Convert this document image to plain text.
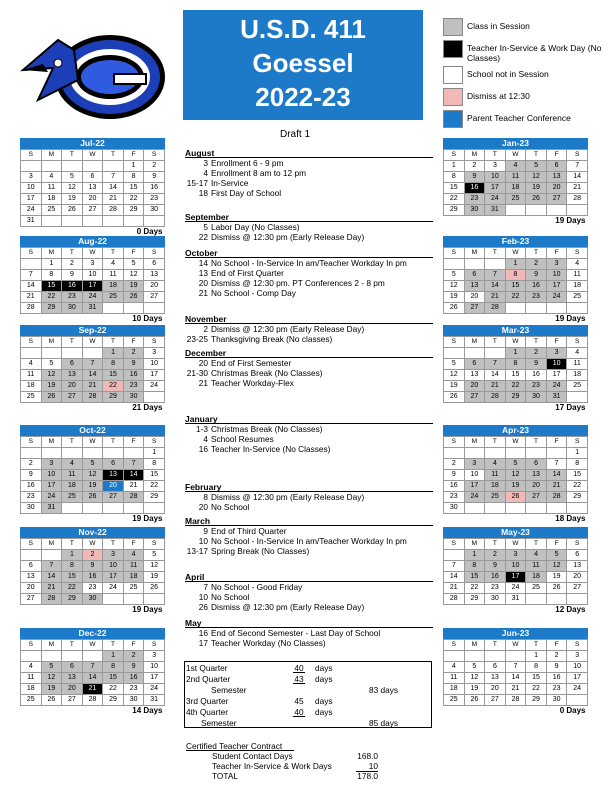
U.S.D. 411
Goessel
2022-23
Class in Session
Teacher In-Service & Work Day (No Classes)
School not in Session
Dismiss at 12:30
Parent Teacher Conference
Draft 1
Jul-22
S	M	T	W	T	F	S
					1	2
3	4	5	6	7	8	9
10	11	12	13	14	15	16
17	18	19	20	21	22	23
24	25	26	27	28	29	30
31						
0 Days						
Aug-22
S	M	T	W	T	F	S
	1	2	3	4	5	6
7	8	9	10	11	12	13
14	15	16	17	18	19	20
21	22	23	24	25	26	27
28	29	30	31			
10 Days						
Sep-22
S	M	T	W	T	F	S
				1	2	3
4	5	6	7	8	9	10
11	12	13	14	15	16	17
18	19	20	21	22	23	24
25	26	27	28	29	30	
21 Days						
Oct-22
S	M	T	W	T	F	S
						1
2	3	4	5	6	7	8
9	10	11	12	13	14	15
16	17	18	19	20	21	22
23	24	25	26	27	28	29
30	31					
19 Days						
Nov-22
S	M	T	W	T	F	S
		1	2	3	4	5
6	7	8	9	10	11	12
13	14	15	16	17	18	19
20	21	22	23	24	25	26
27	28	29	30			
19 Days						
Dec-22
S	M	T	W	T	F	S
				1	2	3
4	5	6	7	8	9	10
11	12	13	14	15	16	17
18	19	20	21	22	23	24
25	26	27	28	29	30	31
14 Days						
Jan-23
S	M	T	W	T	F	S
1	2	3	4	5	6	7
8	9	10	11	12	13	14
15	16	17	18	19	20	21
22	23	24	25	26	27	28
29	30	31				
19 Days						
Feb-23
S	M	T	W	T	F	S
			1	2	3	4
5	6	7	8	9	10	11
12	13	14	15	16	17	18
19	20	21	22	23	24	25
26	27	28				
19 Days						
Mar-23
S	M	T	W	T	F	S
			1	2	3	4
5	6	7	8	9	10	11
12	13	14	15	16	17	18
19	20	21	22	23	24	25
26	27	28	29	30	31	
17 Days						
Apr-23
S	M	T	W	T	F	S
						1
2	3	4	5	6	7	8
9	10	11	12	13	14	15
16	17	18	19	20	21	22
23	24	25	26	27	28	29
30						
18 Days						
May-23
S	M	T	W	T	F	S
	1	2	3	4	5	6
7	8	9	10	11	12	13
14	15	16	17	18	19	20
21	22	23	24	25	26	27
28	29	30	31			
12 Days						
Jun-23
S	M	T	W	T	F	S
				1	2	3
4	5	6	7	8	9	10
11	12	13	14	15	16	17
18	19	20	21	22	23	24
25	26	27	28	29	30	
0 Days						
August
3 Enrollment 6 - 9 pm
4 Enrollment 8 am to 12 pm
15-17 In-Service
18 First Day of School
September
5 Labor Day (No Classes)
22 Dismiss @ 12:30 pm (Early Release Day)
October
14 No School - In-Service In am/Teacher Workday In pm
13 End of First Quarter
20 Dismiss @ 12:30 pm. PT Conferences 2 - 8 pm
21 No School - Comp Day
November
2 Dismiss @ 12:30 pm (Early Release Day)
23-25 Thanksgiving Break (No classes)
December
20 End of First Semester
21-30 Christmas Break (No Classes)
21 Teacher Workday-Flex
January
1-3 Christmas Break (No Classes)
4 School Resumes
16 Teacher In-Service (No Classes)
February
8 Dismiss @ 12:30 pm (Early Release Day)
20 No School
March
9 End of Third Quarter
10 No School - In-Service In am/Teacher Workday In pm
13-17 Spring Break (No Classes)
April
7 No School - Good Friday
10 No School
26 Dismiss @ 12:30 pm (Early Release Day)
May
16 End of Second Semester - Last Day of School
17 Teacher Workday (No Classes)
1st Quarter	40 days
2nd Quarter	43 days
Semester	83 days
3rd Quarter	45 days
4th Quarter	40 days
Semester	85 days
Certified Teacher Contract
Student Contact Days	168.0
Teacher In-Service & Work Days	10
TOTAL	178.0
